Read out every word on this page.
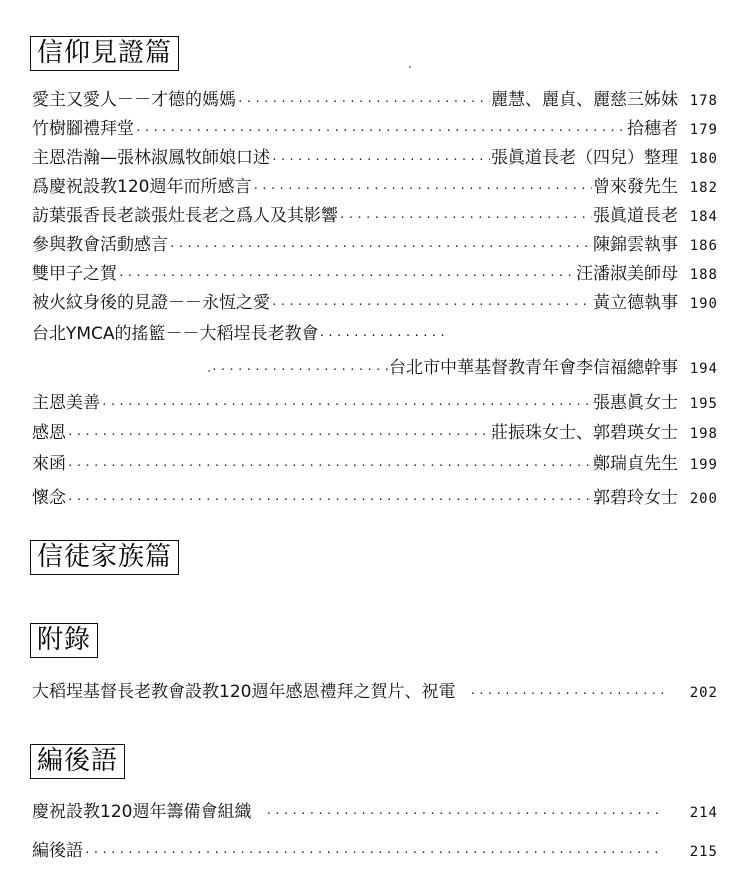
信仰見證篇
愛主又愛人－－才德的媽媽 ·····	麗慧、麗貞、麗慈三姊妹 178
竹樹腳禮拜堂 ·····	拾穗者 179
主恩浩瀚—張林淑鳳牧師娘口述 ·····	張眞道長老（四兒）整理 180
爲慶祝設教120週年而所感言 ·····	曾來發先生 182
訪葉張香長老談張灶長老之爲人及其影響 ·····	張眞道長老 184
參與教會活動感言 ·····	陳錦雲執事 186
雙甲子之賀 ·····	汪潘淑美師母 188
被火紋身後的見證－－永恆之愛 ·····	黃立德執事 190
台北YMCA的搖籃－－大稻埕長老教會
·····
·····
台北市中華基督教青年會李信福總幹事 194
主恩美善 ·····	張惠眞女士 195
感恩 ·····	莊振珠女士、郭碧瑛女士 198
來函 ·····	鄭瑞貞先生 199
懷念 ·····	郭碧玲女士 200
信徒家族篇
附錄
大稻埕基督長老教會設教120週年感恩禮拜之賀片、祝電 ·····	202
編後語
慶祝設教120週年籌備會組織 ·····	214
編後語 ·····	215
